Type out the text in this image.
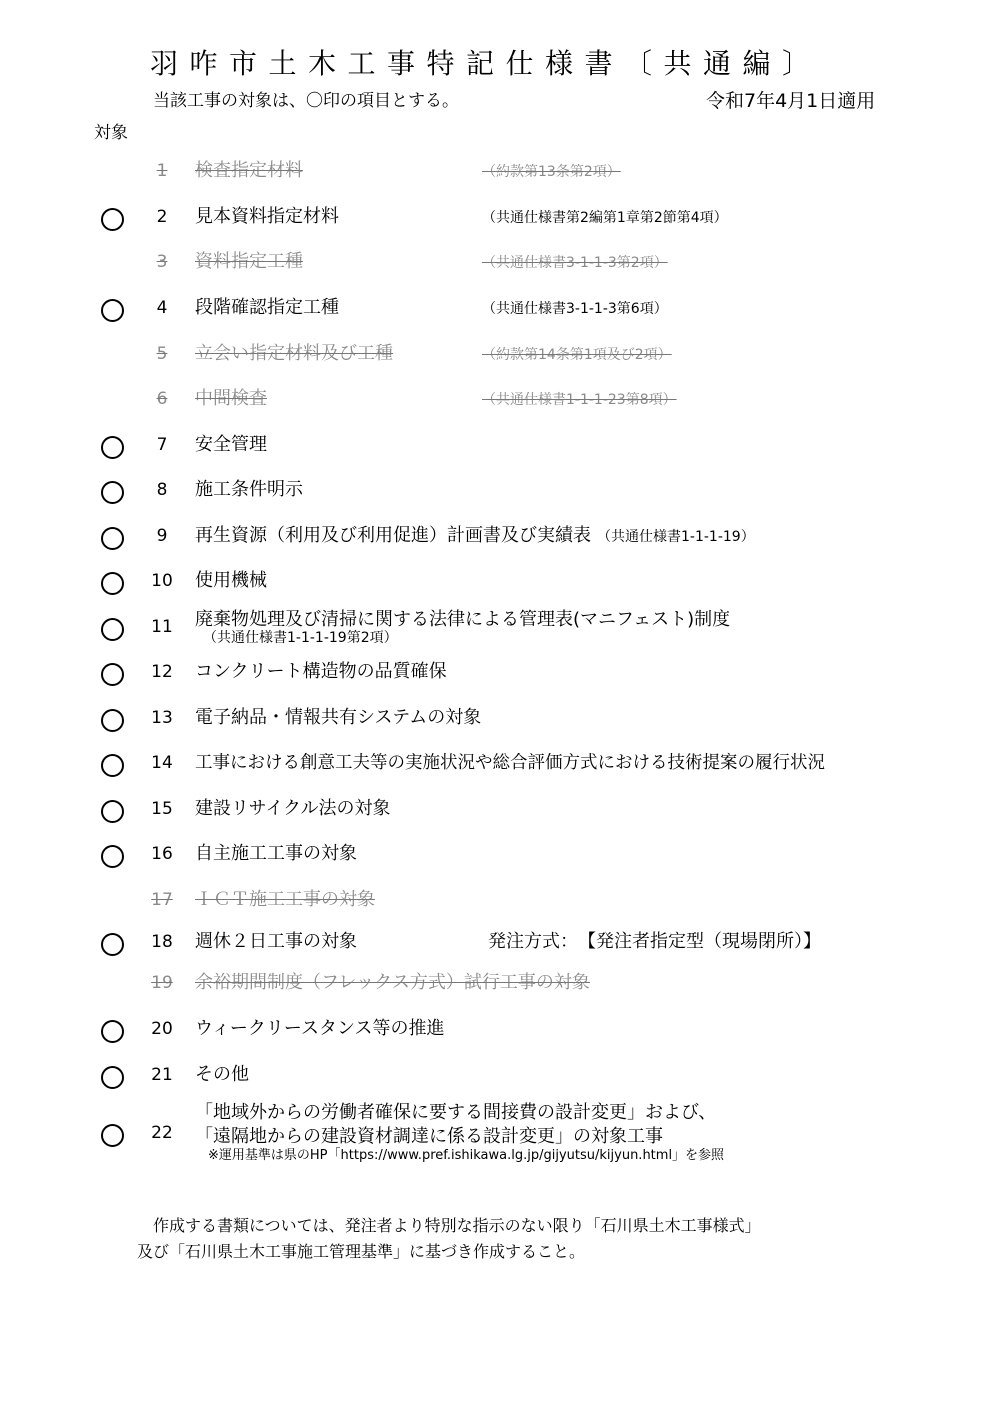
羽咋市土木工事特記仕様書〔共通編〕
当該工事の対象は、〇印の項目とする。	令和7年4月1日適用
対象
1	検査指定材料	（約款第13条第2項）
2	見本資料指定材料	（共通仕様書第2編第1章第2節第4項）
3	資料指定工種	（共通仕様書3-1-1-3第2項）
4	段階確認指定工種	（共通仕様書3-1-1-3第6項）
5	立会い指定材料及び工種	（約款第14条第1項及び2項）
6	中間検査	（共通仕様書1-1-1-23第8項）
7	安全管理
8	施工条件明示
9	再生資源（利用及び利用促進）計画書及び実績表 （共通仕様書1-1-1-19）
10	使用機械
11	廃棄物処理及び清掃に関する法律による管理表(マニフェスト)制度
（共通仕様書1-1-1-19第2項）
12	コンクリート構造物の品質確保
13	電子納品・情報共有システムの対象
14	工事における創意工夫等の実施状況や総合評価方式における技術提案の履行状況
15	建設リサイクル法の対象
16	自主施工工事の対象
17	ＩＣＴ施工工事の対象
18	週休２日工事の対象	発注方式：　【発注者指定型（現場閉所）】
19	余裕期間制度（フレックス方式）試行工事の対象
20	ウィークリースタンス等の推進
21	その他
22
「地域外からの労働者確保に要する間接費の設計変更」および、
「遠隔地からの建設資材調達に係る設計変更」の対象工事
※運用基準は県のHP「https://www.pref.ishikawa.lg.jp/gijyutsu/kijyun.html」を参照
作成する書類については、発注者より特別な指示のない限り「石川県土木工事様式」
及び「石川県土木工事施工管理基準」に基づき作成すること。
